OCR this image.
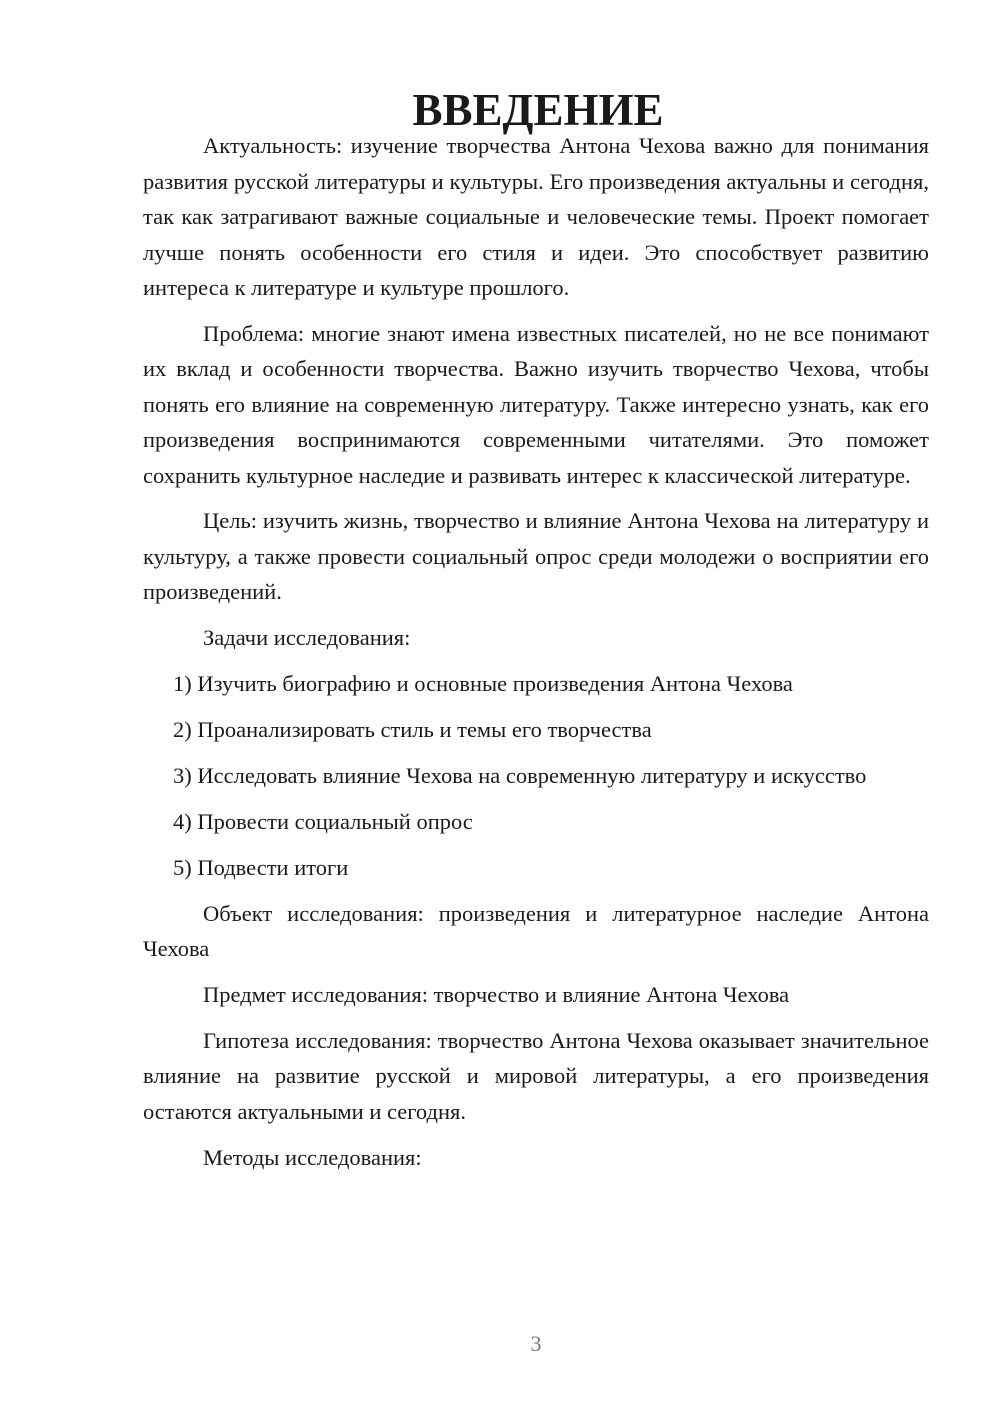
ВВЕДЕНИЕ

Актуальность: изучение творчества Антона Чехова важно для понимания развития русской литературы и культуры. Его произведения актуальны и сегодня, так как затрагивают важные социальные и человеческие темы. Проект помогает лучше понять особенности его стиля и идеи. Это способствует развитию интереса к литературе и культуре прошлого.

Проблема: многие знают имена известных писателей, но не все понимают их вклад и особенности творчества. Важно изучить творчество Чехова, чтобы понять его влияние на современную литературу. Также интересно узнать, как его произведения воспринимаются современными читателями. Это поможет сохранить культурное наследие и развивать интерес к классической литературе.

Цель: изучить жизнь, творчество и влияние Антона Чехова на литературу и культуру, а также провести социальный опрос среди молодежи о восприятии его произведений.

Задачи исследования:

1) Изучить биографию и основные произведения Антона Чехова

2) Проанализировать стиль и темы его творчества

3) Исследовать влияние Чехова на современную литературу и искусство

4) Провести социальный опрос

5) Подвести итоги

Объект исследования: произведения и литературное наследие Антона Чехова

Предмет исследования: творчество и влияние Антона Чехова

Гипотеза исследования: творчество Антона Чехова оказывает значительное влияние на развитие русской и мировой литературы, а его произведения остаются актуальными и сегодня.

Методы исследования:

3
